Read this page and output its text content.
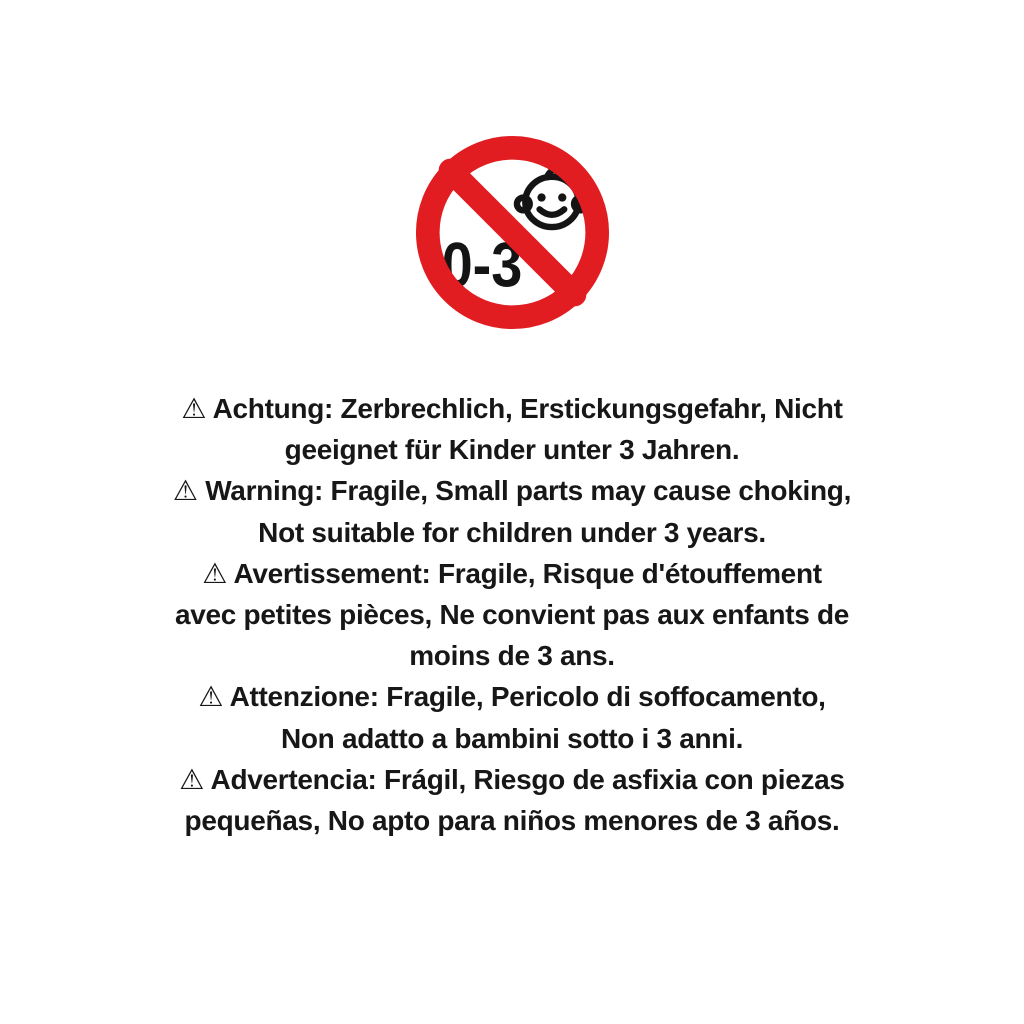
0-3
⚠ Achtung: Zerbrechlich, Erstickungsgefahr, Nicht
geeignet für Kinder unter 3 Jahren.
⚠ Warning: Fragile, Small parts may cause choking,
Not suitable for children under 3 years.
⚠ Avertissement: Fragile, Risque d'étouffement
avec petites pièces, Ne convient pas aux enfants de
moins de 3 ans.
⚠ Attenzione: Fragile, Pericolo di soffocamento,
Non adatto a bambini sotto i 3 anni.
⚠ Advertencia: Frágil, Riesgo de asfixia con piezas
pequeñas, No apto para niños menores de 3 años.
